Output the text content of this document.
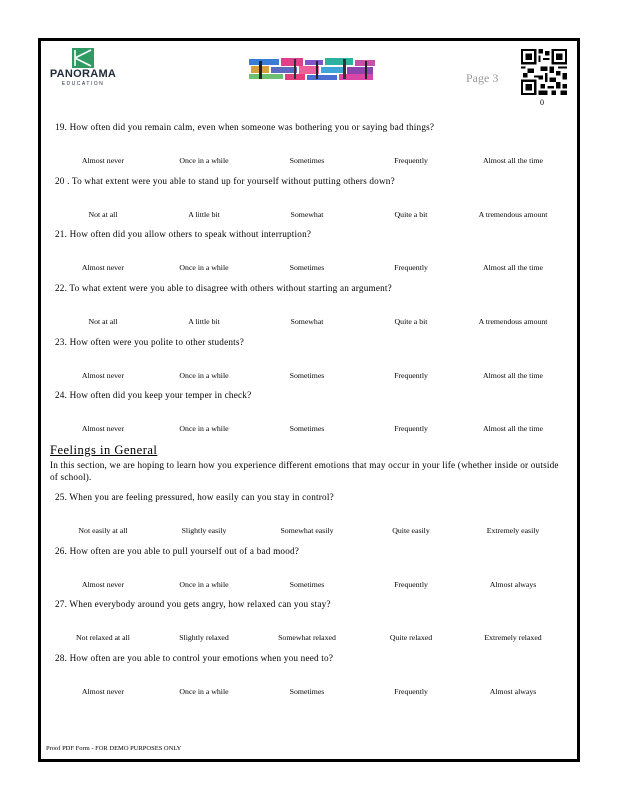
PANORAMA
EDUCATION	Page 3
0
19. How often did you remain calm, even when someone was bothering you or saying bad things?
Almost never	Once in a while	Sometimes	Frequently	Almost all the time
20 . To what extent were you able to stand up for yourself without putting others down?
Not at all	A little bit	Somewhat	Quite a bit	A tremendous amount
21. How often did you allow others to speak without interruption?
Almost never	Once in a while	Sometimes	Frequently	Almost all the time
22. To what extent were you able to disagree with others without starting an argument?
Not at all	A little bit	Somewhat	Quite a bit	A tremendous amount
23. How often were you polite to other students?
Almost never	Once in a while	Sometimes	Frequently	Almost all the time
24. How often did you keep your temper in check?
Almost never	Once in a while	Sometimes	Frequently	Almost all the time
Feelings in General
In this section, we are hoping to learn how you experience different emotions that may occur in your life (whether inside or outside of school).
25. When you are feeling pressured, how easily can you stay in control?
Not easily at all	Slightly easily	Somewhat easily	Quite easily	Extremely easily
26. How often are you able to pull yourself out of a bad mood?
Almost never	Once in a while	Sometimes	Frequently	Almost always
27. When everybody around you gets angry, how relaxed can you stay?
Not relaxed at all	Slightly relaxed	Somewhat relaxed	Quite relaxed	Extremely relaxed
28. How often are you able to control your emotions when you need to?
Almost never	Once in a while	Sometimes	Frequently	Almost always
Proof PDF Form - FOR DEMO PURPOSES ONLY
